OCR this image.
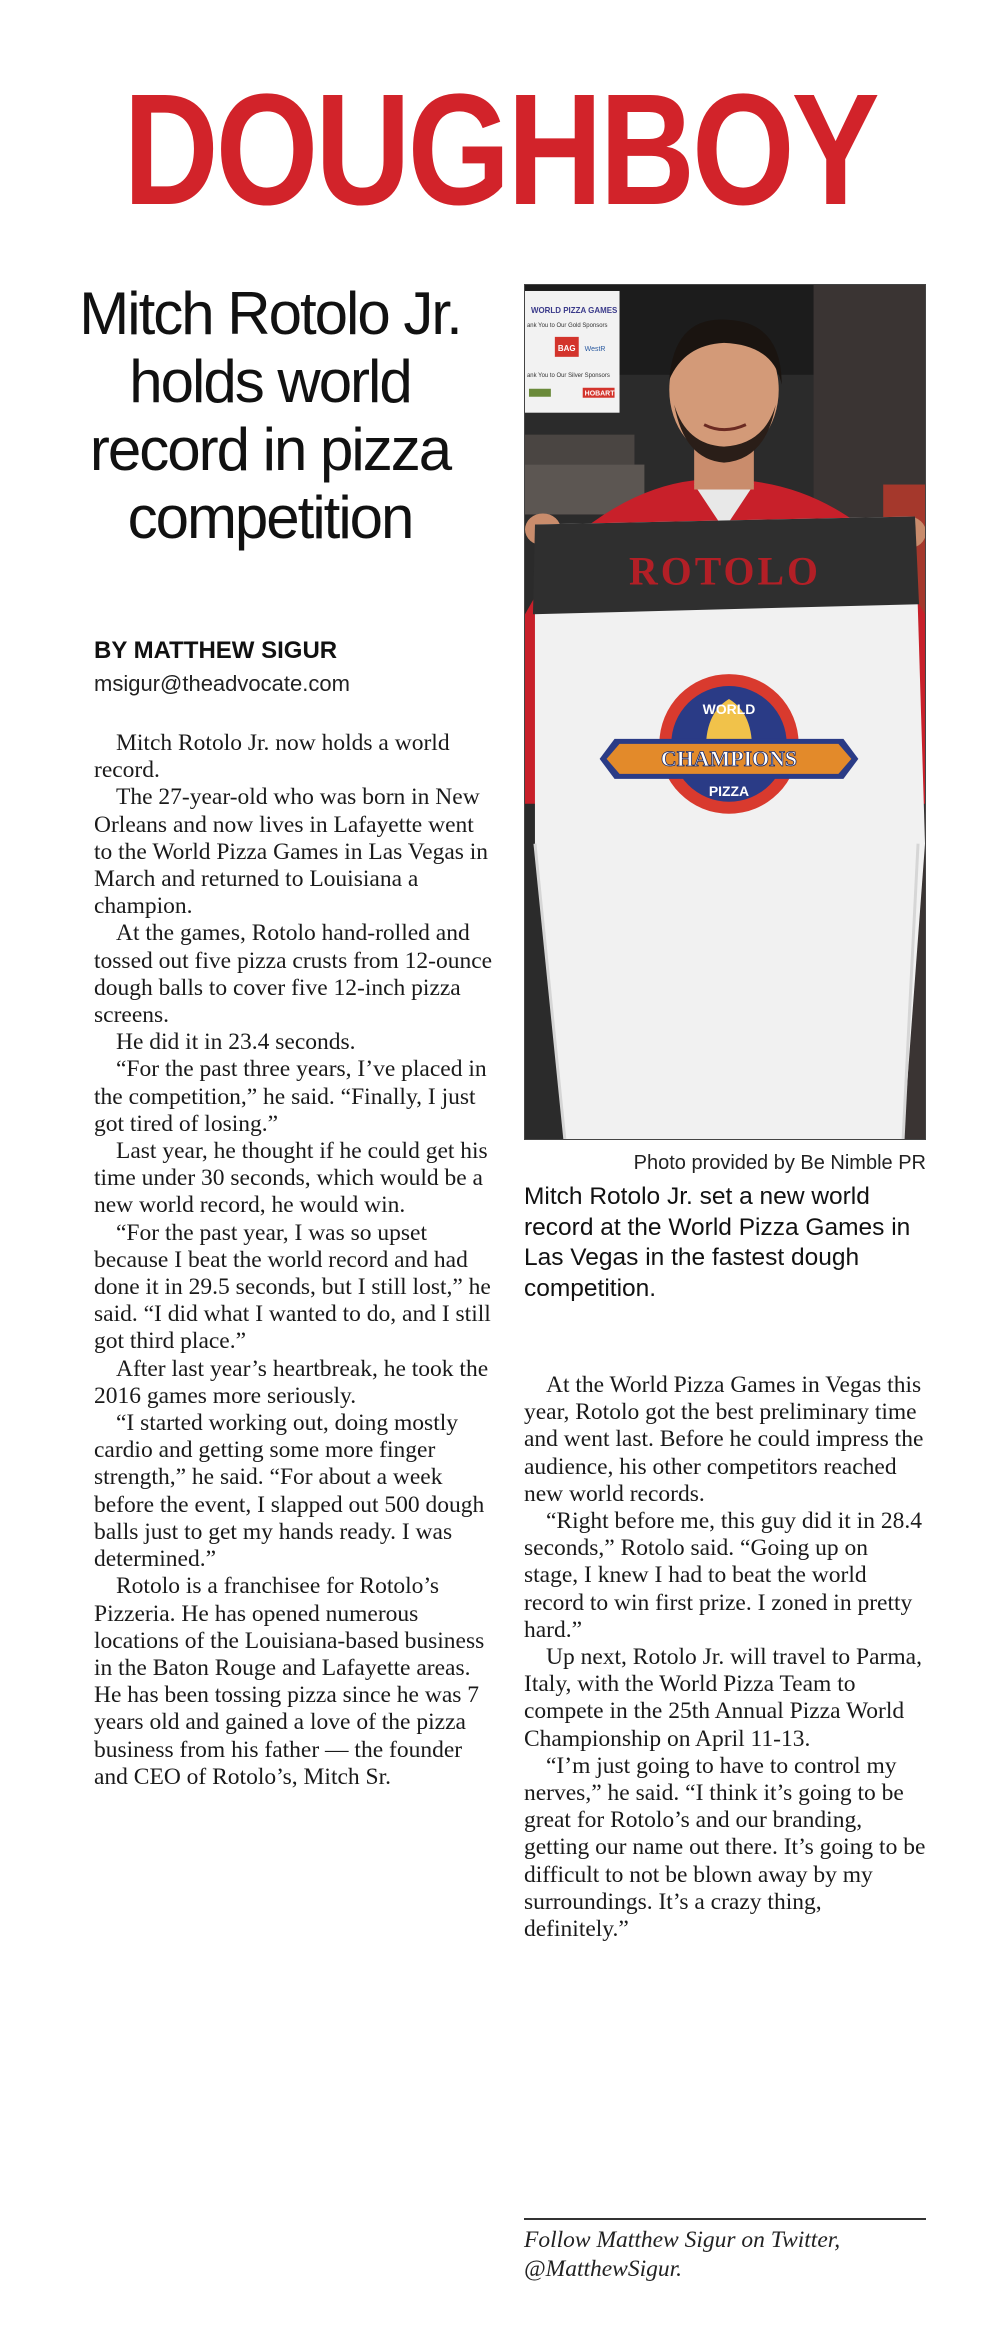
DOUGHBOY
Mitch Rotolo Jr. holds world record in pizza competition
BY MATTHEW SIGUR
msigur@theadvocate.com

Mitch Rotolo Jr. now holds a world record.

The 27-year-old who was born in New Orleans and now lives in Lafayette went to the World Pizza Games in Las Vegas in March and returned to Louisiana a champion.

At the games, Rotolo hand-rolled and tossed out five pizza crusts from 12-ounce dough balls to cover five 12-inch pizza screens.

He did it in 23.4 seconds.

“For the past three years, I’ve placed in the competition,” he said. “Finally, I just got tired of losing.”

Last year, he thought if he could get his time under 30 seconds, which would be a new world record, he would win.

“For the past year, I was so upset because I beat the world record and had done it in 29.5 seconds, but I still lost,” he said. “I did what I wanted to do, and I still got third place.”

After last year’s heartbreak, he took the 2016 games more seriously.

“I started working out, doing mostly cardio and getting some more finger strength,” he said. “For about a week before the event, I slapped out 500 dough balls just to get my hands ready. I was determined.”

Rotolo is a franchisee for Rotolo’s Pizzeria. He has opened numerous locations of the Louisiana-based business in the Baton Rouge and Lafayette areas. He has been tossing pizza since he was 7 years old and gained a love of the pizza business from his father — the founder and CEO of Rotolo’s, Mitch Sr.

WORLD PIZZA GAMES
ank You to Our Gold Sponsors
BAG WestR
ank You to Our Silver Sponsors
HOBART
ROTOLO
WORLD
CHAMPIONS
PIZZA
Photo provided by Be Nimble PR
Mitch Rotolo Jr. set a new world record at the World Pizza Games in Las Vegas in the fastest dough competition.

At the World Pizza Games in Vegas this year, Rotolo got the best preliminary time and went last. Before he could impress the audience, his other competitors reached new world records.

“Right before me, this guy did it in 28.4 seconds,” Rotolo said. “Going up on stage, I knew I had to beat the world record to win first prize. I zoned in pretty hard.”

Up next, Rotolo Jr. will travel to Parma, Italy, with the World Pizza Team to compete in the 25th Annual Pizza World Championship on April 11-13.

“I’m just going to have to control my nerves,” he said. “I think it’s going to be great for Rotolo’s and our branding, getting our name out there. It’s going to be difficult to not be blown away by my surroundings. It’s a crazy thing, definitely.”

Follow Matthew Sigur on Twitter, @MatthewSigur.
